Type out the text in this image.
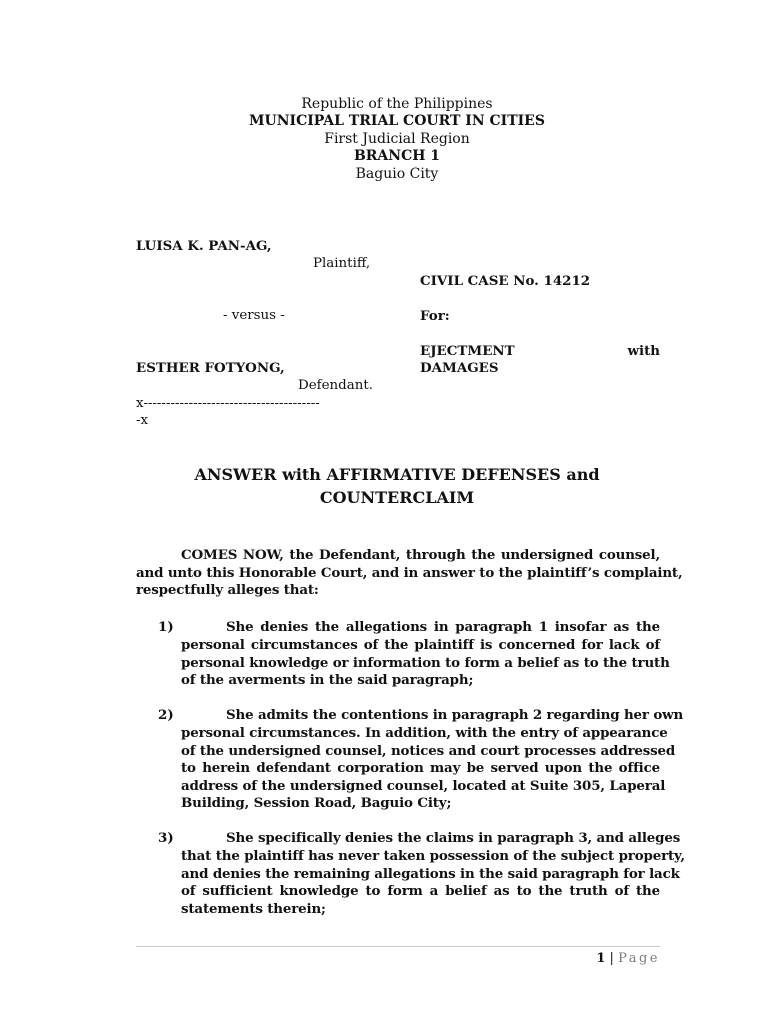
Republic of the Philippines
MUNICIPAL TRIAL COURT IN CITIES
First Judicial Region
BRANCH 1
Baguio City
LUISA K. PAN-AG,
Plaintiff,
CIVIL CASE No. 14212
- versus -	For:
EJECTMENT	with
ESTHER FOTYONG,	DAMAGES
Defendant.
x---------------------------------------
-x
ANSWER with AFFIRMATIVE DEFENSES and
COUNTERCLAIM
COMES NOW, the Defendant, through the undersigned counsel,
and unto this Honorable Court, and in answer to the plaintiff’s complaint,
respectfully alleges that:
1)	She denies the allegations in paragraph 1 insofar as the
personal circumstances of the plaintiff is concerned for lack of
personal knowledge or information to form a belief as to the truth
of the averments in the said paragraph;
2)	She admits the contentions in paragraph 2 regarding her own
personal circumstances. In addition, with the entry of appearance
of the undersigned counsel, notices and court processes addressed
to herein defendant corporation may be served upon the office
address of the undersigned counsel, located at Suite 305, Laperal
Building, Session Road, Baguio City;
3)	She specifically denies the claims in paragraph 3, and alleges
that the plaintiff has never taken possession of the subject property,
and denies the remaining allegations in the said paragraph for lack
of sufficient knowledge to form a belief as to the truth of the
statements therein;
1 | Page
